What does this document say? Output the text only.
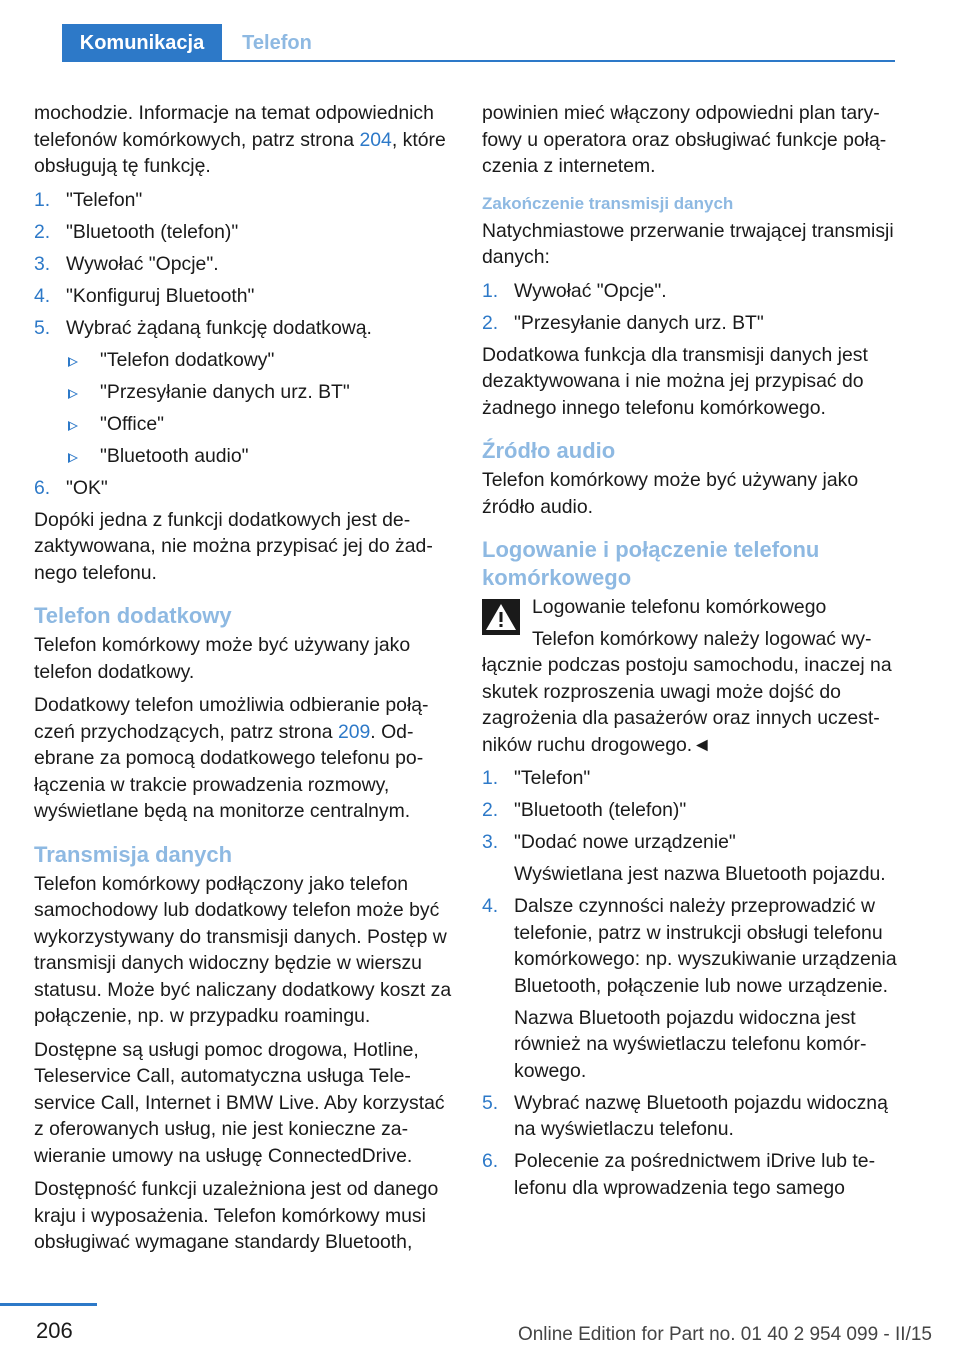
Komunikacja	Telefon

mochodzie. Informacje na temat odpowiednich telefonów komórkowych, patrz strona 204, które obsługują tę funkcję.

1. "Telefon"
2. "Bluetooth (telefon)"
3. Wywołać "Opcje".
4. "Konfiguruj Bluetooth"
5. Wybrać żądaną funkcję dodatkową.
"Telefon dodatkowy"
"Przesyłanie danych urz. BT"
"Office"
"Bluetooth audio"
6. "OK"

Dopóki jedna z funkcji dodatkowych jest dezaktywowana, nie można przypisać jej do żadnego telefonu.

Telefon dodatkowy

Telefon komórkowy może być używany jako telefon dodatkowy.

Dodatkowy telefon umożliwia odbieranie połączeń przychodzących, patrz strona 209. Odebrane za pomocą dodatkowego telefonu połączenia w trakcie prowadzenia rozmowy, wyświetlane będą na monitorze centralnym.

Transmisja danych

Telefon komórkowy podłączony jako telefon samochodowy lub dodatkowy telefon może być wykorzystywany do transmisji danych. Postęp w transmisji danych widoczny będzie w wierszu statusu. Może być naliczany dodatkowy koszt za połączenie, np. w przypadku roamingu.

Dostępne są usługi pomoc drogowa, Hotline, Teleservice Call, automatyczna usługa Teleservice Call, Internet i BMW Live. Aby korzystać z oferowanych usług, nie jest konieczne zawieranie umowy na usługę ConnectedDrive.

Dostępność funkcji uzależniona jest od danego kraju i wyposażenia. Telefon komórkowy musi obsługiwać wymagane standardy Bluetooth,

powinien mieć włączony odpowiedni plan taryfowy u operatora oraz obsługiwać funkcje połączenia z internetem.

Zakończenie transmisji danych

Natychmiastowe przerwanie trwającej transmisji danych:

1. Wywołać "Opcje".
2. "Przesyłanie danych urz. BT"

Dodatkowa funkcja dla transmisji danych jest dezaktywowana i nie można jej przypisać do żadnego innego telefonu komórkowego.

Źródło audio

Telefon komórkowy może być używany jako źródło audio.

Logowanie i połączenie telefonu komórkowego

Logowanie telefonu komórkowego

Telefon komórkowy należy logować wyłącznie podczas postoju samochodu, inaczej na skutek rozproszenia uwagi może dojść do zagrożenia dla pasażerów oraz innych uczestników ruchu drogowego.◄

1. "Telefon"
2. "Bluetooth (telefon)"
3. "Dodać nowe urządzenie"

Wyświetlana jest nazwa Bluetooth pojazdu.

4. Dalsze czynności należy przeprowadzić w telefonie, patrz w instrukcji obsługi telefonu komórkowego: np. wyszukiwanie urządzenia Bluetooth, połączenie lub nowe urządzenie.

Nazwa Bluetooth pojazdu widoczna jest również na wyświetlaczu telefonu komórkowego.

5. Wybrać nazwę Bluetooth pojazdu widoczną na wyświetlaczu telefonu.
6. Polecenie za pośrednictwem iDrive lub telefonu dla wprowadzenia tego samego
206	Online Edition for Part no. 01 40 2 954 099 - II/15
